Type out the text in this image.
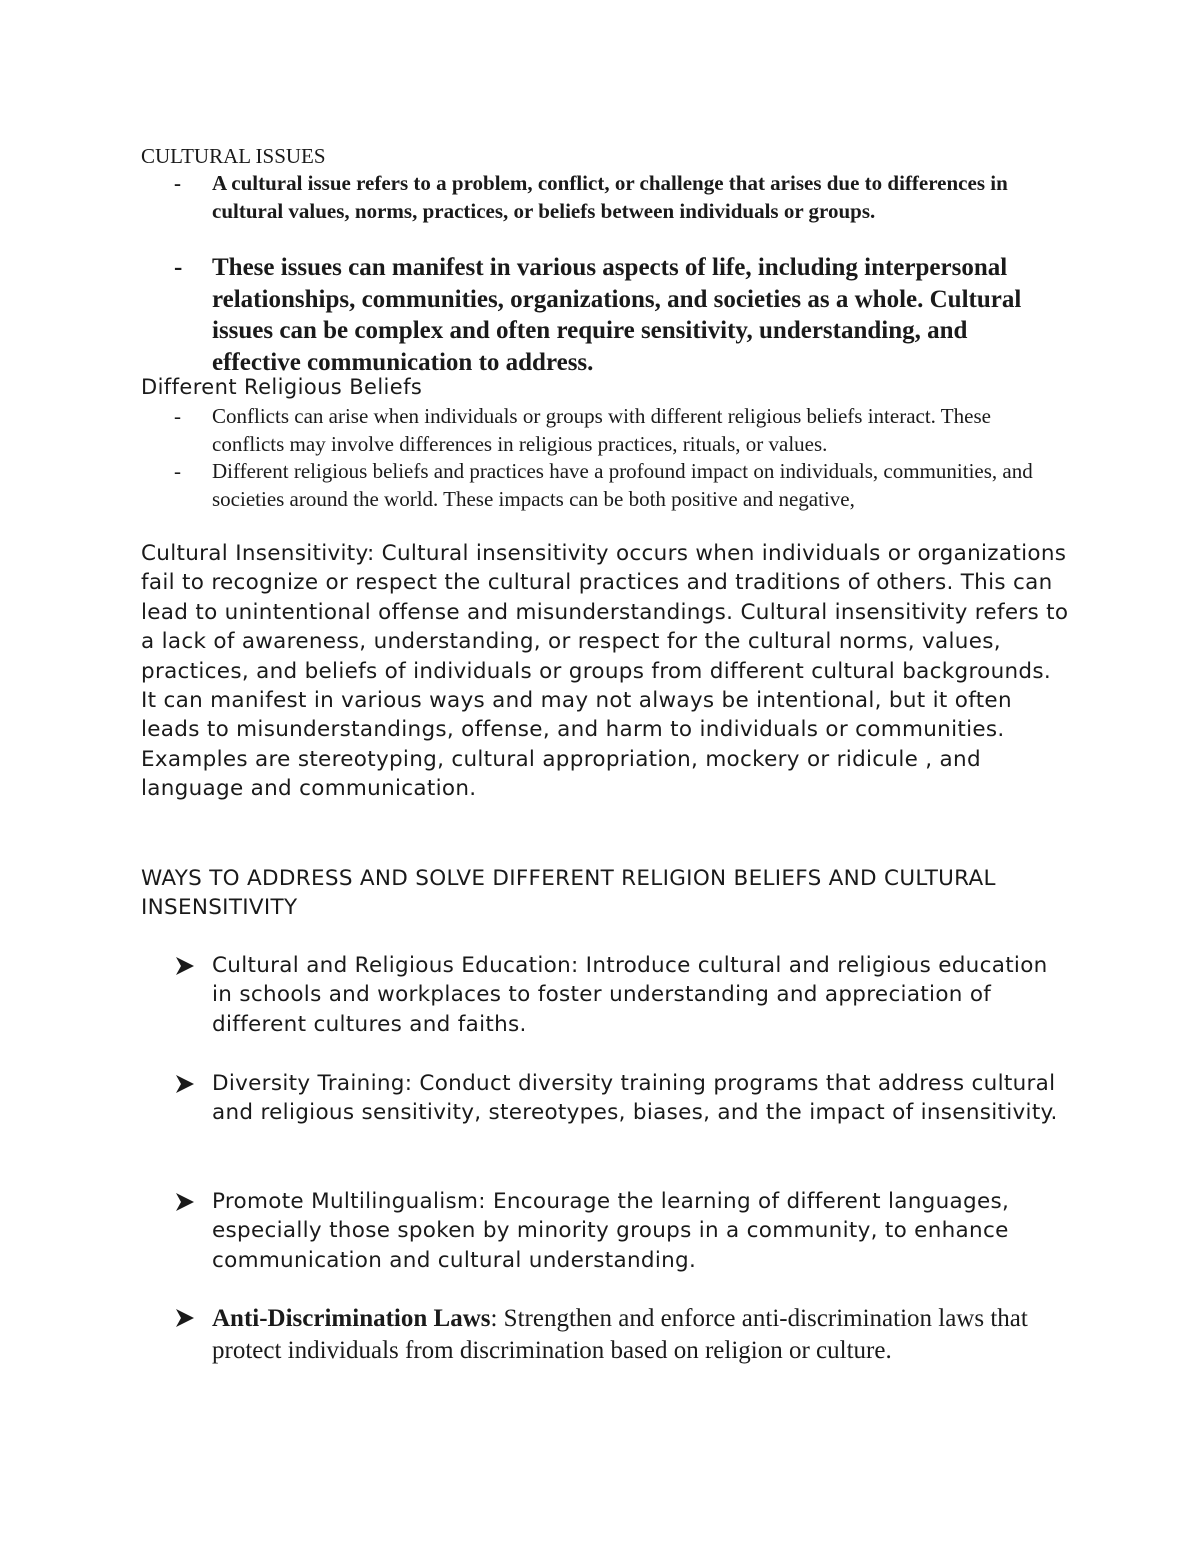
CULTURAL ISSUES

- A cultural issue refers to a problem, conflict, or challenge that arises due to differences in cultural values, norms, practices, or beliefs between individuals or groups.
- These issues can manifest in various aspects of life, including interpersonal relationships, communities, organizations, and societies as a whole. Cultural issues can be complex and often require sensitivity, understanding, and effective communication to address.

Different Religious Beliefs

- Conflicts can arise when individuals or groups with different religious beliefs interact. These conflicts may involve differences in religious practices, rituals, or values.
- Different religious beliefs and practices have a profound impact on individuals, communities, and societies around the world. These impacts can be both positive and negative,

Cultural Insensitivity: Cultural insensitivity occurs when individuals or organizations fail to recognize or respect the cultural practices and traditions of others. This can lead to unintentional offense and misunderstandings. Cultural insensitivity refers to a lack of awareness, understanding, or respect for the cultural norms, values, practices, and beliefs of individuals or groups from different cultural backgrounds. It can manifest in various ways and may not always be intentional, but it often leads to misunderstandings, offense, and harm to individuals or communities. Examples are stereotyping, cultural appropriation, mockery or ridicule , and language and communication.

WAYS TO ADDRESS AND SOLVE DIFFERENT RELIGION BELIEFS AND CULTURAL INSENSITIVITY

Cultural and Religious Education: Introduce cultural and religious education in schools and workplaces to foster understanding and appreciation of different cultures and faiths.
Diversity Training: Conduct diversity training programs that address cultural and religious sensitivity, stereotypes, biases, and the impact of insensitivity.
Promote Multilingualism: Encourage the learning of different languages, especially those spoken by minority groups in a community, to enhance communication and cultural understanding.
Anti-Discrimination Laws: Strengthen and enforce anti-discrimination laws that protect individuals from discrimination based on religion or culture.
